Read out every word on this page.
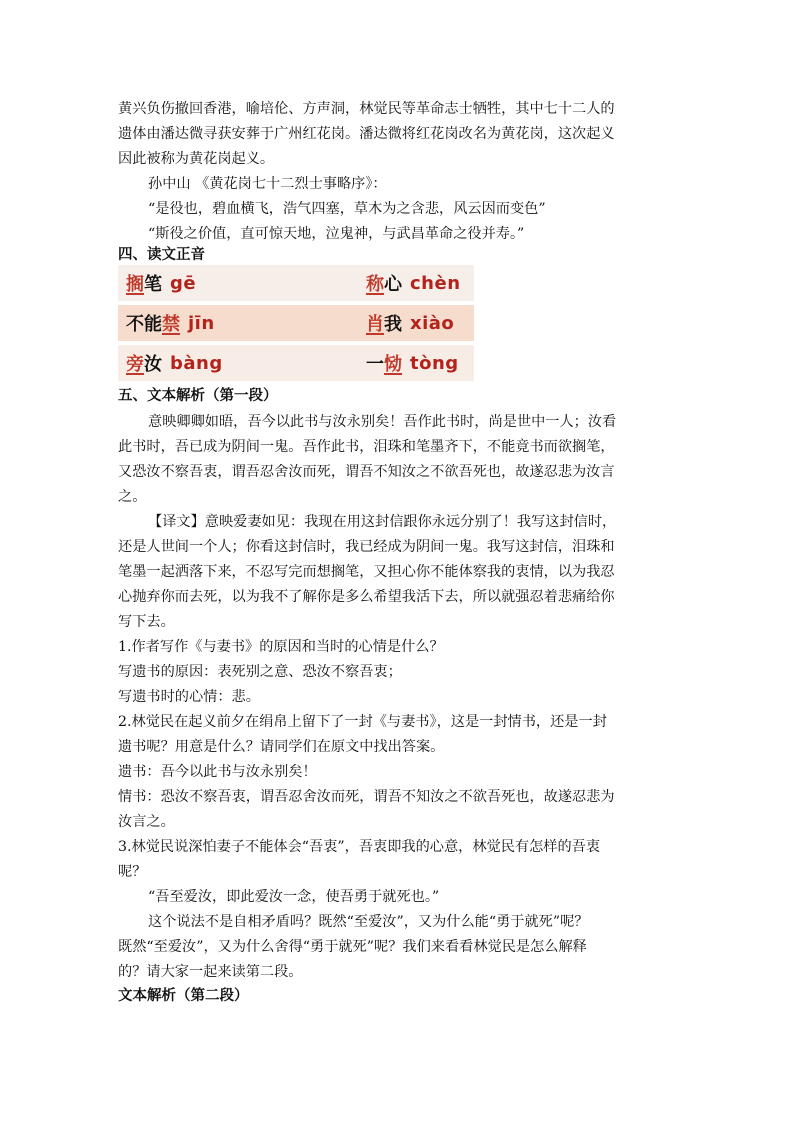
黄兴负伤撤回香港，喻培伦、方声洞，林觉民等革命志士牺牲，其中七十二人的
遗体由潘达微寻获安葬于广州红花岗。潘达微将红花岗改名为黄花岗，这次起义
因此被称为黄花岗起义。
孙中山 《黄花岗七十二烈士事略序》：
“是役也，碧血横飞，浩气四塞，草木为之含悲，风云因而变色”
“斯役之价值，直可惊天地，泣鬼神，与武昌革命之役并寿。”
四、读文正音
搁 笔 gē	称 心 chèn
不能 禁 jīn	肖 我 xiào
旁 汝 bàng	一 恸 tòng
五、文本解析（第一段）
意映卿卿如晤，吾今以此书与汝永别矣！吾作此书时，尚是世中一人；汝看
此书时，吾已成为阴间一鬼。吾作此书，泪珠和笔墨齐下，不能竟书而欲搁笔，
又恐汝不察吾衷，谓吾忍舍汝而死，谓吾不知汝之不欲吾死也，故遂忍悲为汝言
之。
【译文】意映爱妻如见：我现在用这封信跟你永远分别了！我写这封信时，
还是人世间一个人；你看这封信时，我已经成为阴间一鬼。我写这封信，泪珠和
笔墨一起洒落下来，不忍写完而想搁笔，又担心你不能体察我的衷情，以为我忍
心抛弃你而去死，以为我不了解你是多么希望我活下去，所以就强忍着悲痛给你
写下去。
1.作者写作《与妻书》的原因和当时的心情是什么？
写遗书的原因：表死别之意、恐汝不察吾衷；
写遗书时的心情：悲。
2.林觉民在起义前夕在绢帛上留下了一封《与妻书》，这是一封情书，还是一封
遗书呢？用意是什么？请同学们在原文中找出答案。
遗书：吾今以此书与汝永别矣！
情书：恐汝不察吾衷，谓吾忍舍汝而死，谓吾不知汝之不欲吾死也，故遂忍悲为
汝言之。
3.林觉民说深怕妻子不能体会“吾衷”，吾衷即我的心意，林觉民有怎样的吾衷
呢？
“吾至爱汝，即此爱汝一念，使吾勇于就死也。”
这个说法不是自相矛盾吗？既然“至爱汝”，又为什么能“勇于就死”呢？
既然“至爱汝”，又为什么舍得“勇于就死”呢？我们来看看林觉民是怎么解释
的？请大家一起来读第二段。
文本解析（第二段）
